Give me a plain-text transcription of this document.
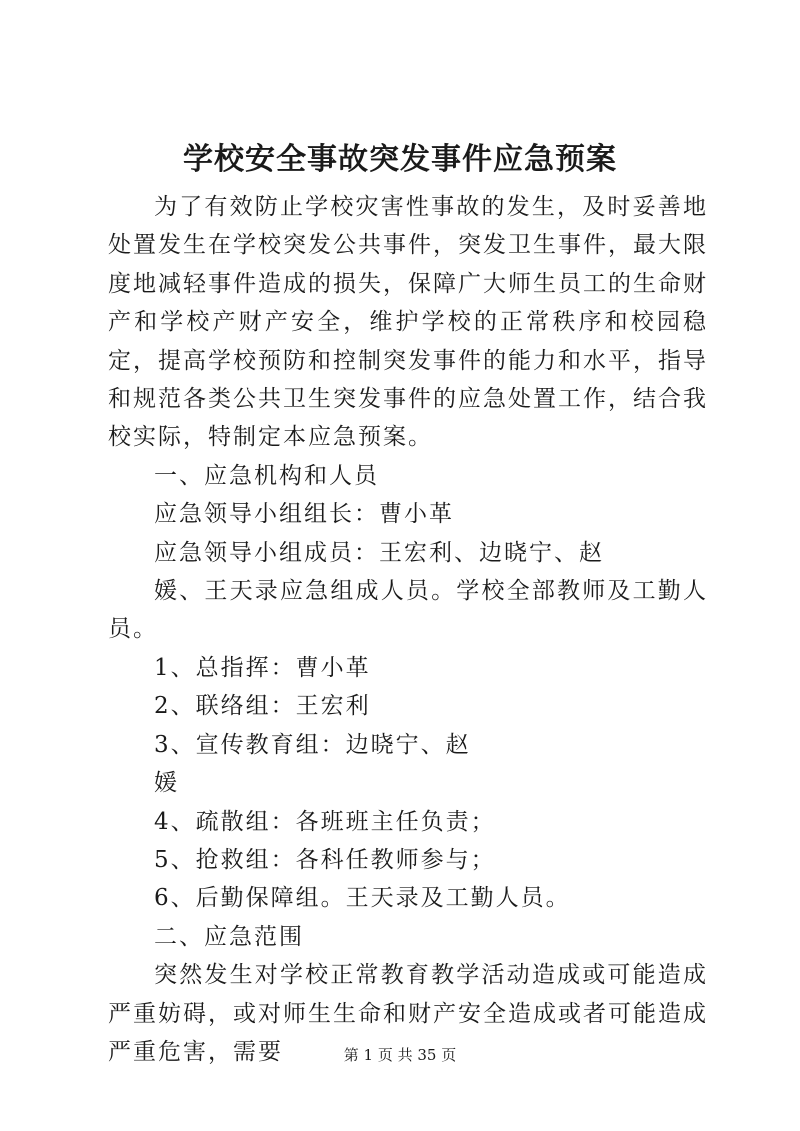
学校安全事故突发事件应急预案

为了有效防止学校灾害性事故的发生，及时妥善地处置发生在学校突发公共事件，突发卫生事件，最大限度地减轻事件造成的损失，保障广大师生员工的生命财产和学校产财产安全，维护学校的正常秩序和校园稳定，提高学校预防和控制突发事件的能力和水平，指导和规范各类公共卫生突发事件的应急处置工作，结合我校实际，特制定本应急预案。

一、应急机构和人员

应急领导小组组长：曹小革

应急领导小组成员：王宏利、边晓宁、赵

媛、王天录应急组成人员。学校全部教师及工勤人员。

1、总指挥：曹小革

2、联络组：王宏利

3、宣传教育组：边晓宁、赵

媛

4、疏散组：各班班主任负责；

5、抢救组：各科任教师参与；

6、后勤保障组。王天录及工勤人员。

二、应急范围

突然发生对学校正常教育教学活动造成或可能造成严重妨碍，或对师生生命和财产安全造成或者可能造成严重危害，需要	第 1 页 共 35 页
